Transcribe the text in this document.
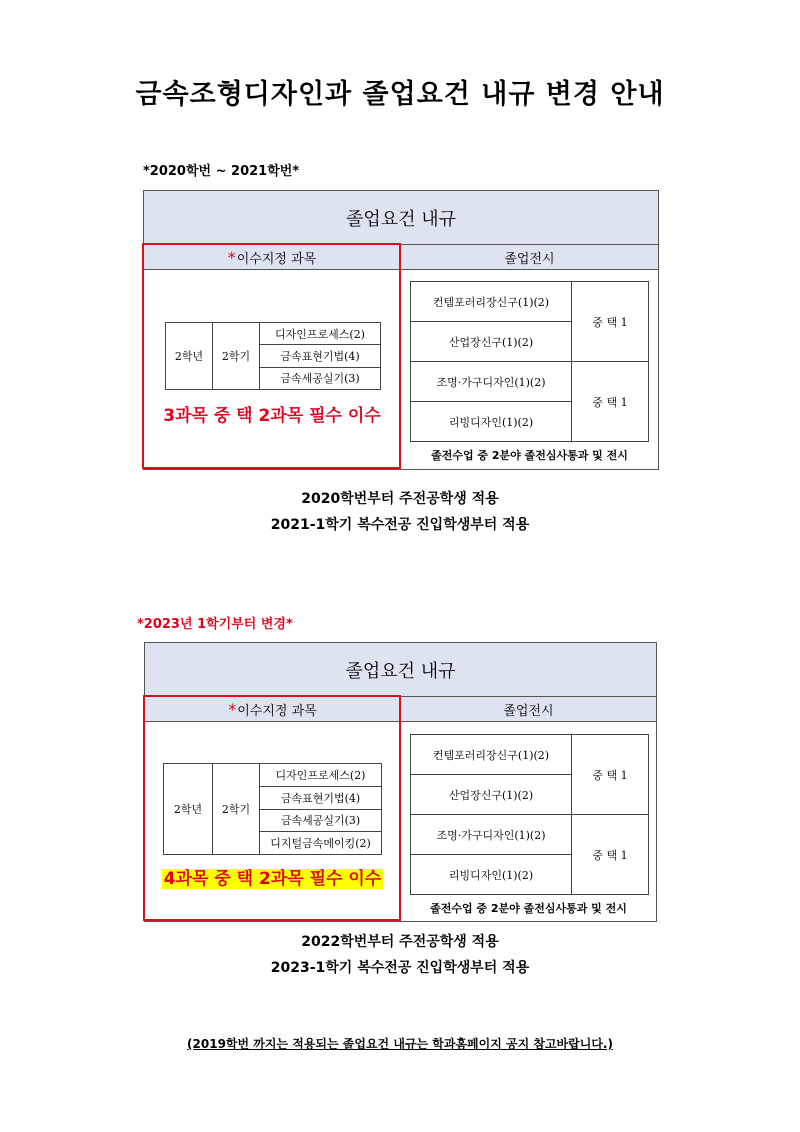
금속조형디자인과 졸업요건 내규 변경 안내
*2020학번 ~ 2021학번*
졸업요건 내규
* 이수지정 과목	졸업전시
2학년	2학기	디자인프로세스(2)
금속표현기법(4)
금속세공실기(3)
3과목 중 택 2과목 필수 이수
컨템포러리장신구(1)(2)	중 택 1
산업장신구(1)(2)	
조명·가구디자인(1)(2)	중 택 1
리빙디자인(1)(2)	
졸전수업 중 2분야 졸전심사통과 및 전시
2020학번부터 주전공학생 적용
2021-1학기 복수전공 진입학생부터 적용
*2023년 1학기부터 변경*
졸업요건 내규
* 이수지정 과목	졸업전시
2학년	2학기	디자인프로세스(2)
금속표현기법(4)
금속세공실기(3)
디지털금속메이킹(2)
4과목 중 택 2과목 필수 이수
컨템포러리장신구(1)(2)	중 택 1
산업장신구(1)(2)	
조명·가구디자인(1)(2)	중 택 1
리빙디자인(1)(2)	
졸전수업 중 2분야 졸전심사통과 및 전시
2022학번부터 주전공학생 적용
2023-1학기 복수전공 진입학생부터 적용
(2019학번 까지는 적용되는 졸업요건 내규는 학과홈페이지 공지 참고바랍니다.)
